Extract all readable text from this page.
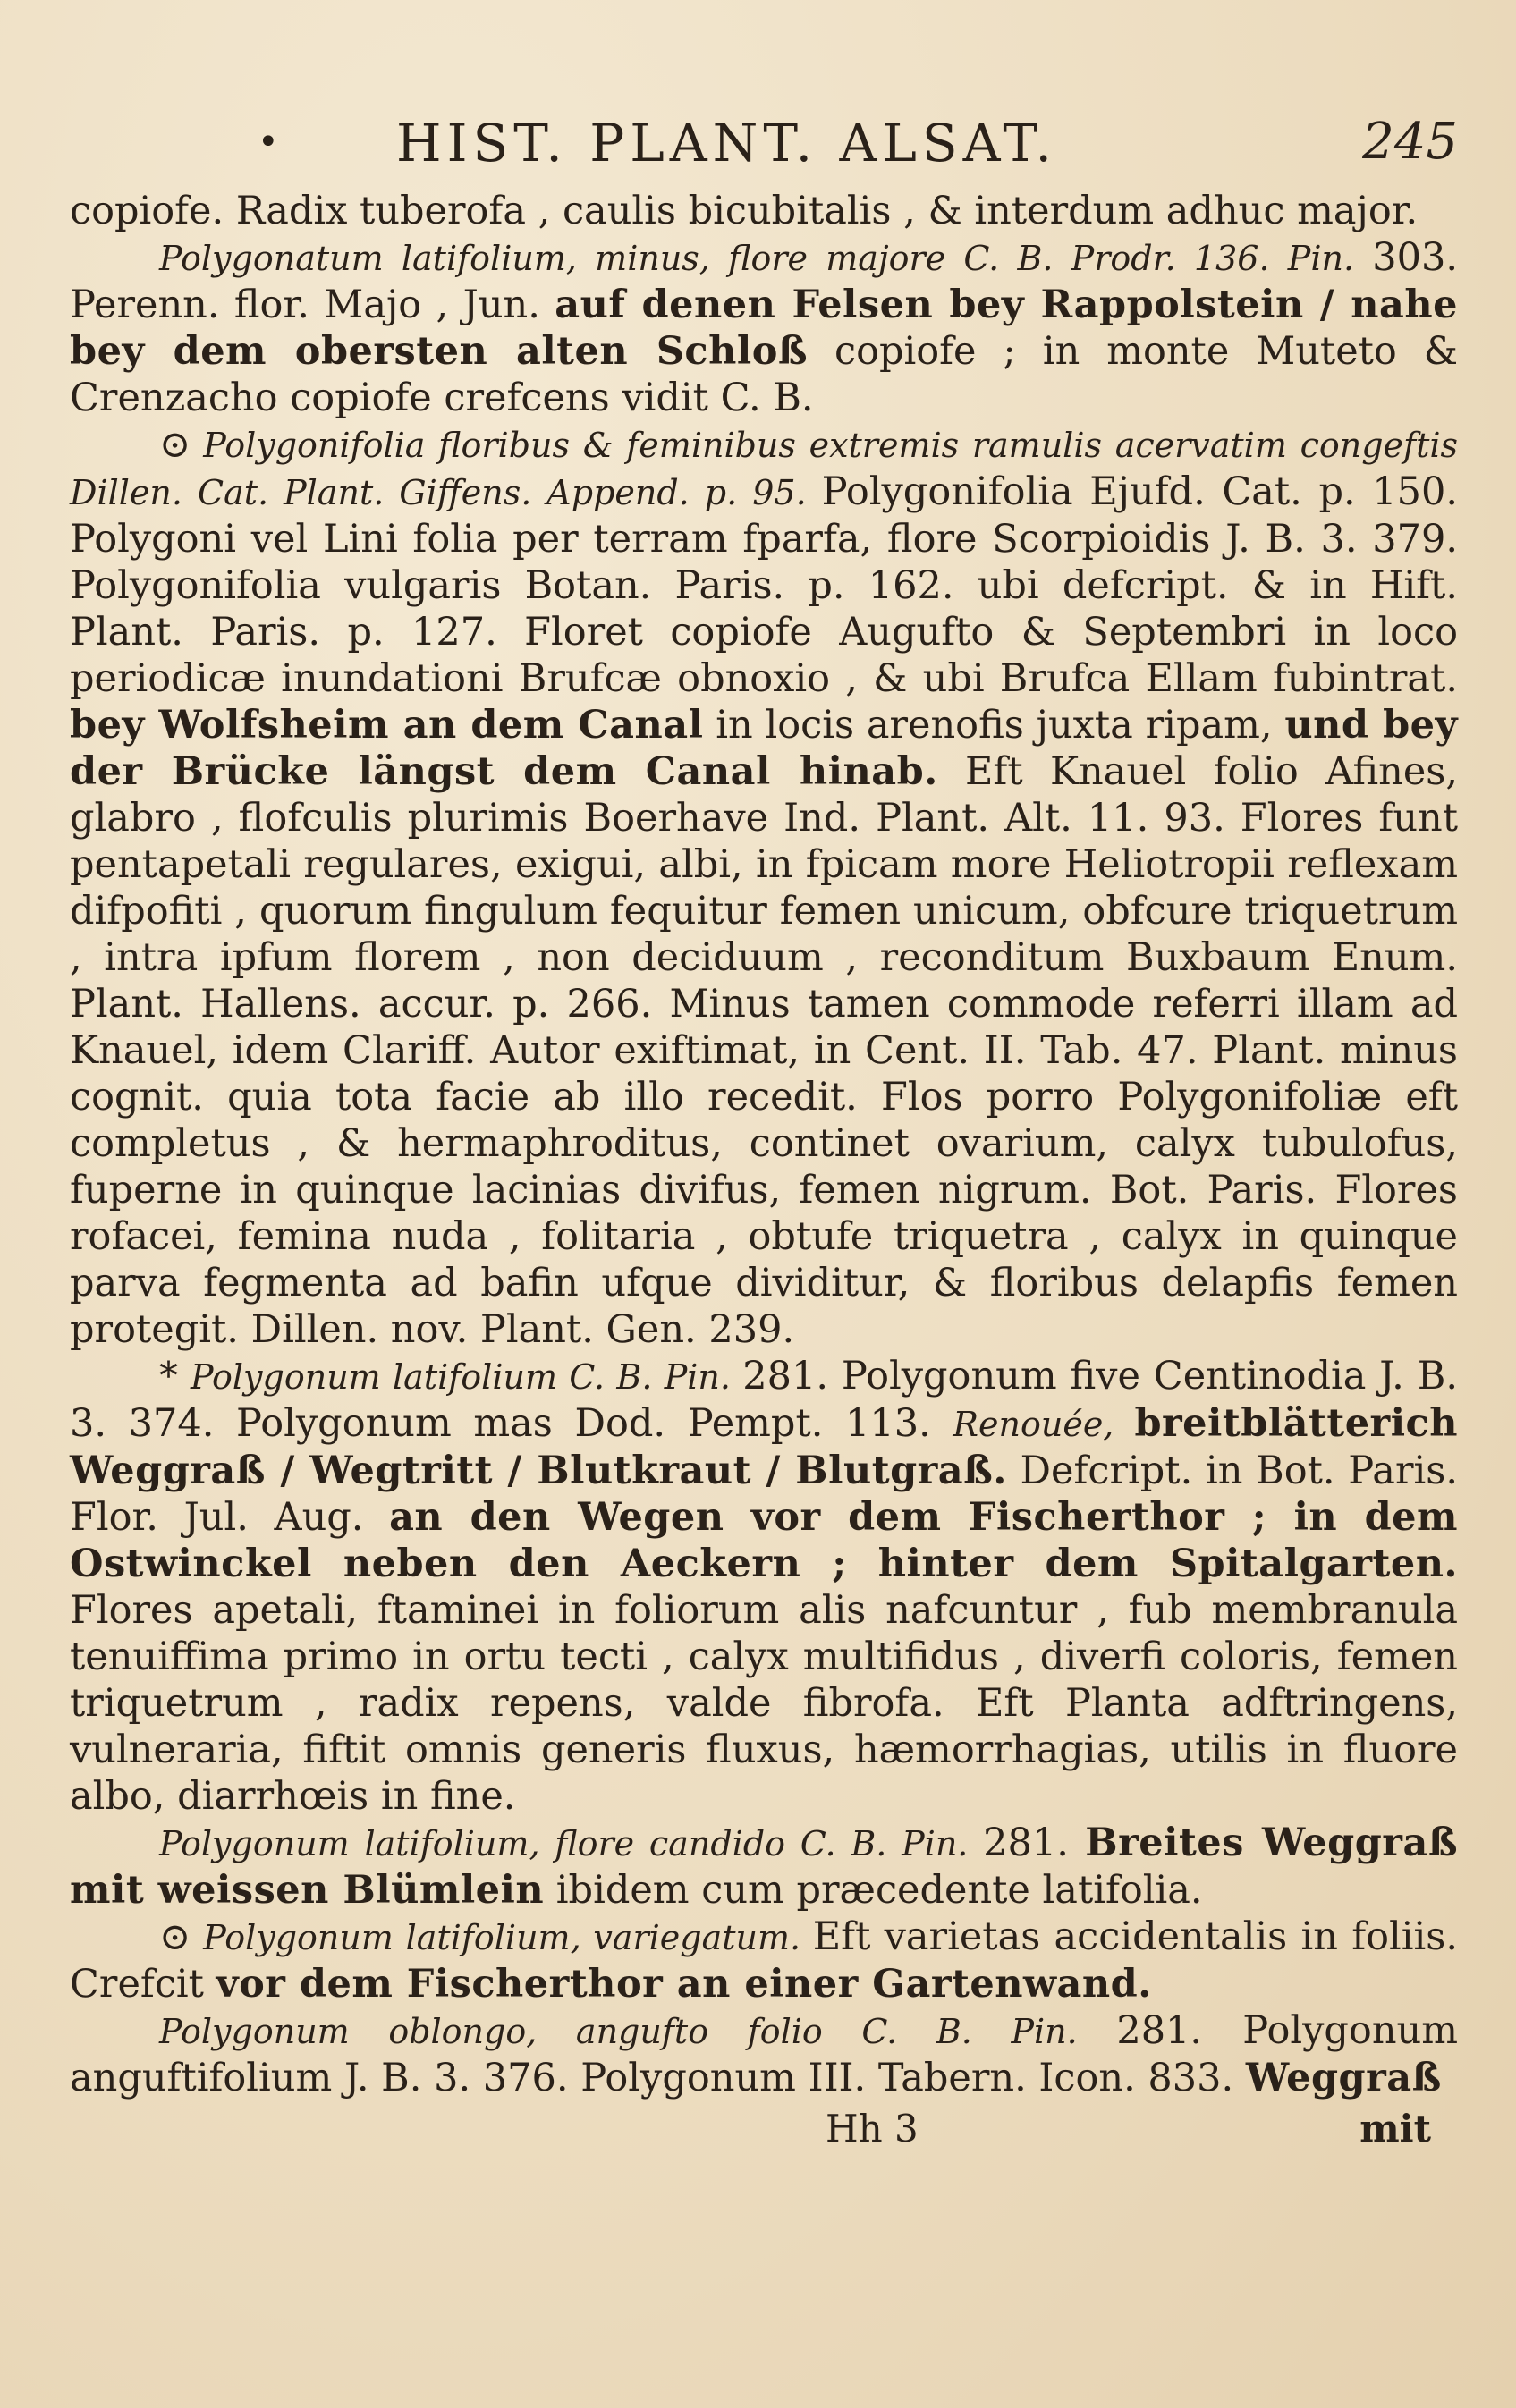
• HIST. PLANT. ALSAT.	245

copiofe. Radix tuberofa , caulis bicubitalis , & interdum adhuc major.

Polygonatum latifolium, minus, flore majore C. B. Prodr. 136. Pin. 303. Perenn. flor. Majo , Jun. auf denen Felsen bey Rappolstein / nahe bey dem obersten alten Schloß copiofe ; in monte Muteto & Crenzacho copiofe crefcens vidit C. B.

⊙ Polygonifolia floribus & feminibus extremis ramulis acervatim congeftis Dillen. Cat. Plant. Giffens. Append. p. 95. Polygonifolia Ejufd. Cat. p. 150. Polygoni vel Lini folia per terram fparfa, flore Scorpioidis J. B. 3. 379. Polygonifolia vulgaris Botan. Paris. p. 162. ubi defcript. & in Hift. Plant. Paris. p. 127. Floret copiofe Augufto & Septembri in loco periodicæ inundationi Brufcæ obnoxio , & ubi Brufca Ellam fubintrat. bey Wolfsheim an dem Canal in locis arenofis juxta ripam, und bey der Brücke längst dem Canal hinab. Eft Knauel folio Afines, glabro , flofculis plurimis Boerhave Ind. Plant. Alt. 11. 93. Flores funt pentapetali regulares, exigui, albi, in fpicam more Heliotropii reflexam difpofiti , quorum fingulum fequitur femen unicum, obfcure triquetrum , intra ipfum florem , non deciduum , reconditum Buxbaum Enum. Plant. Hallens. accur. p. 266. Minus tamen commode referri illam ad Knauel, idem Clariff. Autor exiftimat, in Cent. II. Tab. 47. Plant. minus cognit. quia tota facie ab illo recedit. Flos porro Polygonifoliæ eft completus , & hermaphroditus, continet ovarium, calyx tubulofus, fuperne in quinque lacinias divifus, femen nigrum. Bot. Paris. Flores rofacei, femina nuda , folitaria , obtufe triquetra , calyx in quinque parva fegmenta ad bafin ufque dividitur, & floribus delapfis femen protegit. Dillen. nov. Plant. Gen. 239.

* Polygonum latifolium C. B. Pin. 281. Polygonum five Centinodia J. B. 3. 374. Polygonum mas Dod. Pempt. 113. Renouée, breitblätterich Weggraß / Wegtritt / Blutkraut / Blutgraß. Defcript. in Bot. Paris. Flor. Jul. Aug. an den Wegen vor dem Fischerthor ; in dem Ostwinckel neben den Aeckern ; hinter dem Spitalgarten. Flores apetali, ftaminei in foliorum alis nafcuntur , fub membranula tenuiffima primo in ortu tecti , calyx multifidus , diverfi coloris, femen triquetrum , radix repens, valde fibrofa. Eft Planta adftringens, vulneraria, fiftit omnis generis fluxus, hæmorrhagias, utilis in fluore albo, diarrhœis in fine.

Polygonum latifolium, flore candido C. B. Pin. 281. Breites Weggraß mit weissen Blümlein ibidem cum præcedente latifolia.

⊙ Polygonum latifolium, variegatum. Eft varietas accidentalis in foliis. Crefcit vor dem Fischerthor an einer Gartenwand.

Polygonum oblongo, angufto folio C. B. Pin. 281. Polygonum anguftifolium J. B. 3. 376. Polygonum III. Tabern. Icon. 833. Weggraß

Hh 3	mit
